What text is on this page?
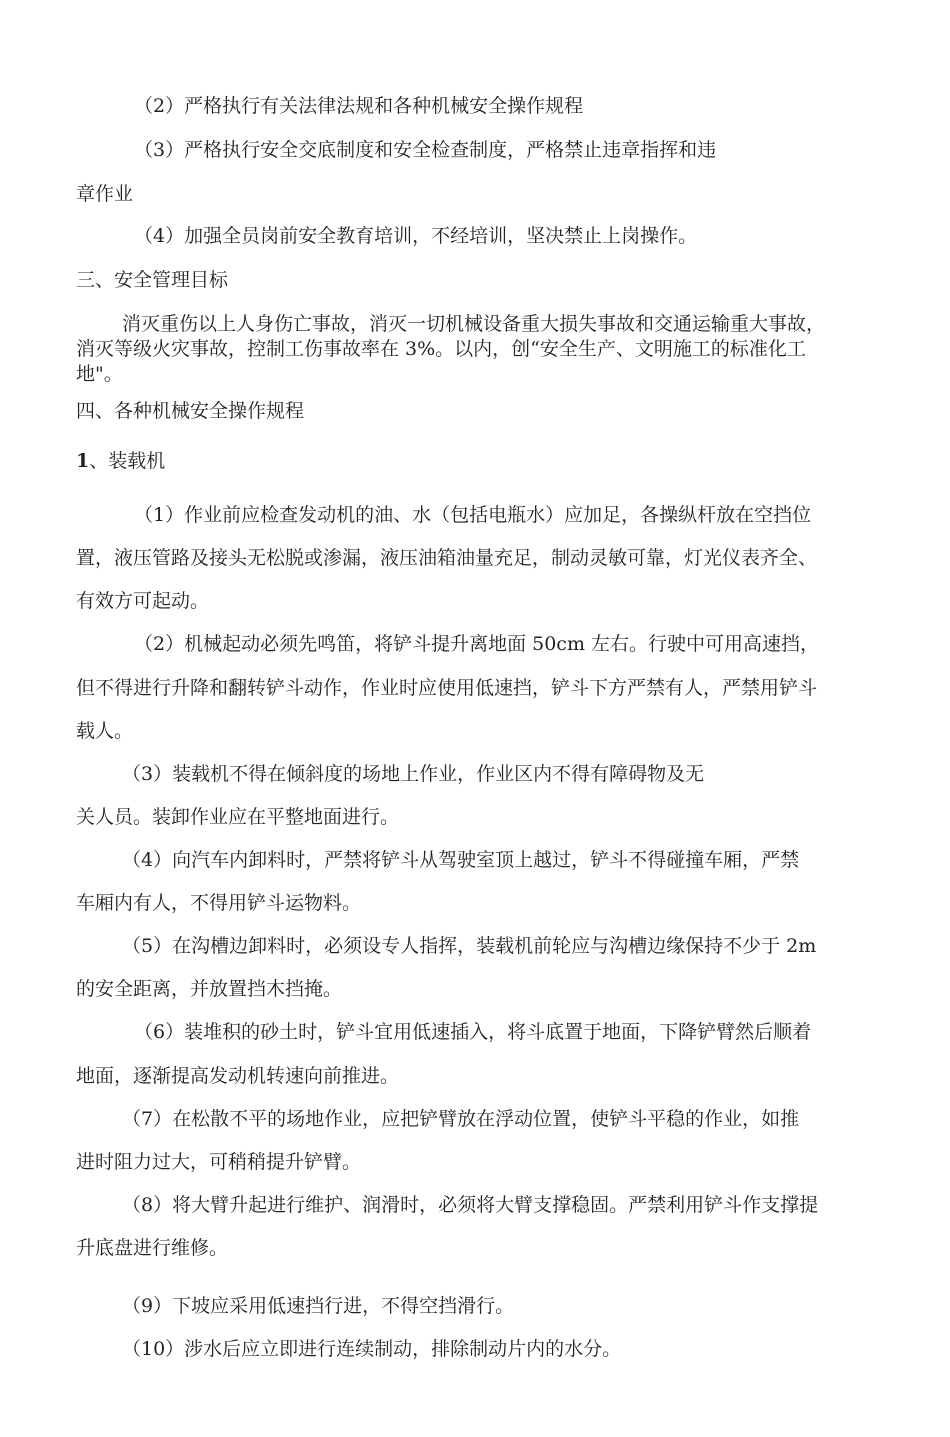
（2）严格执行有关法律法规和各种机械安全操作规程

（3）严格执行安全交底制度和安全检查制度，严格禁止违章指挥和违

章作业

（4）加强全员岗前安全教育培训，不经培训，坚决禁止上岗操作。

三、安全管理目标

消灭重伤以上人身伤亡事故，消灭一切机械设备重大损失事故和交通运输重大事故，

消灭等级火灾事故，控制工伤事故率在 3%。以内，创“安全生产、文明施工的标准化工

地"。

四、各种机械安全操作规程

1、装载机

（1）作业前应检查发动机的油、水（包括电瓶水）应加足，各操纵杆放在空挡位

置，液压管路及接头无松脱或渗漏，液压油箱油量充足，制动灵敏可靠，灯光仪表齐全、

有效方可起动。

（2）机械起动必须先鸣笛，将铲斗提升离地面 50cm 左右。行驶中可用高速挡，

但不得进行升降和翻转铲斗动作，作业时应使用低速挡，铲斗下方严禁有人，严禁用铲斗

载人。

（3）装载机不得在倾斜度的场地上作业，作业区内不得有障碍物及无

关人员。装卸作业应在平整地面进行。

（4）向汽车内卸料时，严禁将铲斗从驾驶室顶上越过，铲斗不得碰撞车厢，严禁

车厢内有人，不得用铲斗运物料。

（5）在沟槽边卸料时，必须设专人指挥，装载机前轮应与沟槽边缘保持不少于 2m

的安全距离，并放置挡木挡掩。

（6）装堆积的砂土时，铲斗宜用低速插入，将斗底置于地面，下降铲臂然后顺着

地面，逐渐提高发动机转速向前推进。

（7）在松散不平的场地作业，应把铲臂放在浮动位置，使铲斗平稳的作业，如推

进时阻力过大，可稍稍提升铲臂。

（8）将大臂升起进行维护、润滑时，必须将大臂支撑稳固。严禁利用铲斗作支撑提

升底盘进行维修。

（9）下坡应采用低速挡行进，不得空挡滑行。

（10）涉水后应立即进行连续制动，排除制动片内的水分。
